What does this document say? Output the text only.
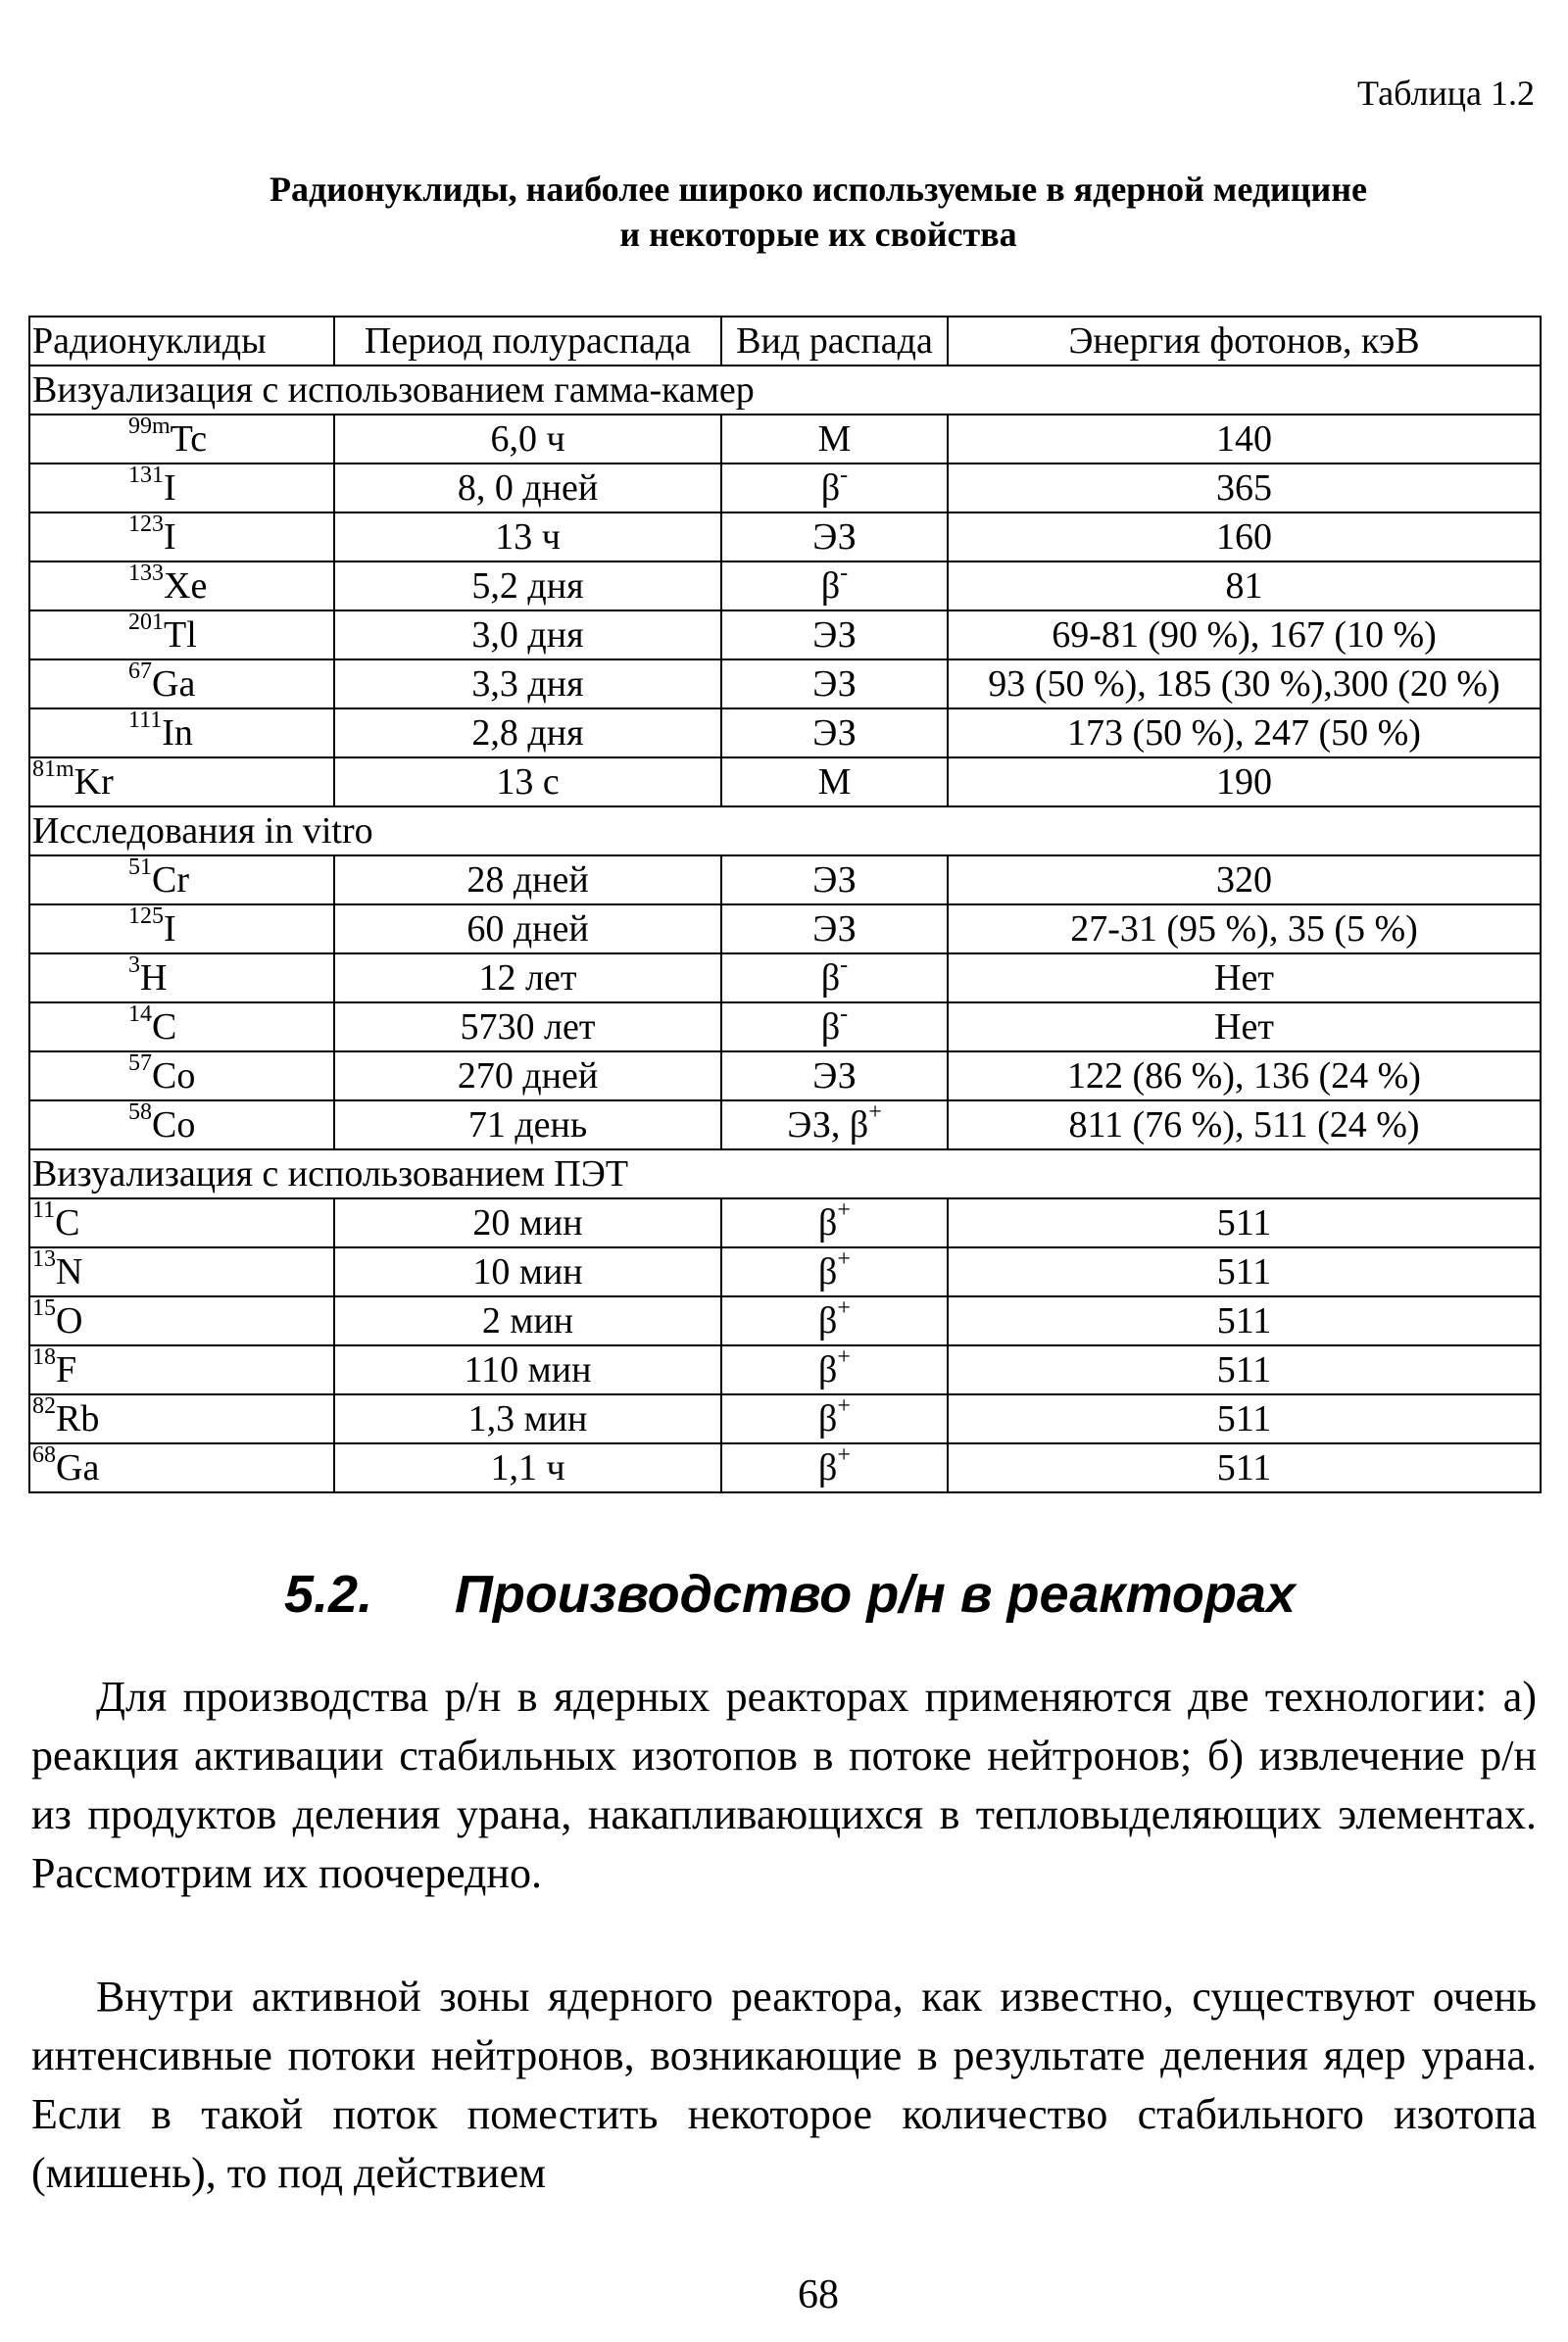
Таблица 1.2
Радионуклиды, наиболее широко используемые в ядерной медицине
и некоторые их свойства
Радионуклиды	Период полураспада	Вид распада	Энергия фотонов, кэВ
Визуализация с использованием гамма-камер			
$^{99m}$Tc	6,0 ч	М	140
$^{131}$I	8, 0 дней	β-	365
$^{123}$I	13 ч	ЭЗ	160
$^{133}$Xe	5,2 дня	β-	81
$^{201}$Tl	3,0 дня	ЭЗ	69-81 (90 %), 167 (10 %)
$^{67}$Ga	3,3 дня	ЭЗ	93 (50 %), 185 (30 %),300 (20 %)
$^{111}$In	2,8 дня	ЭЗ	173 (50 %), 247 (50 %)
$^{81m}$Kr	13 с	М	190
Исследования in vitro			
$^{51}$Cr	28 дней	ЭЗ	320
$^{125}$I	60 дней	ЭЗ	27-31 (95 %), 35 (5 %)
$^3$H	12 лет	β-	Нет
$^{14}$C	5730 лет	β-	Нет
$^{57}$Co	270 дней	ЭЗ	122 (86 %), 136 (24 %)
$^{58}$Co	71 день	ЭЗ, β+	811 (76 %), 511 (24 %)
Визуализация с использованием ПЭТ			
$^{11}$C	20 мин	β+	511
$^{13}$N	10 мин	β+	511
$^{15}$O	2 мин	β+	511
$^{18}$F	110 мин	β+	511
$^{82}$Rb	1,3 мин	β+	511
$^{68}$Ga	1,1 ч	β+	511
5.2. Производство р/н в реакторах

Для производства р/н в ядерных реакторах применяются две технологии: а) реакция активации стабильных изотопов в потоке нейтронов; б) извлечение р/н из продуктов деления урана, накапливающихся в тепловыделяющих элементах. Рассмотрим их поочередно.

Внутри активной зоны ядерного реактора, как известно, существуют очень интенсивные потоки нейтронов, возникающие в результате деления ядер урана. Если в такой поток поместить некоторое количество стабильного изотопа (мишень), то под действием

68
